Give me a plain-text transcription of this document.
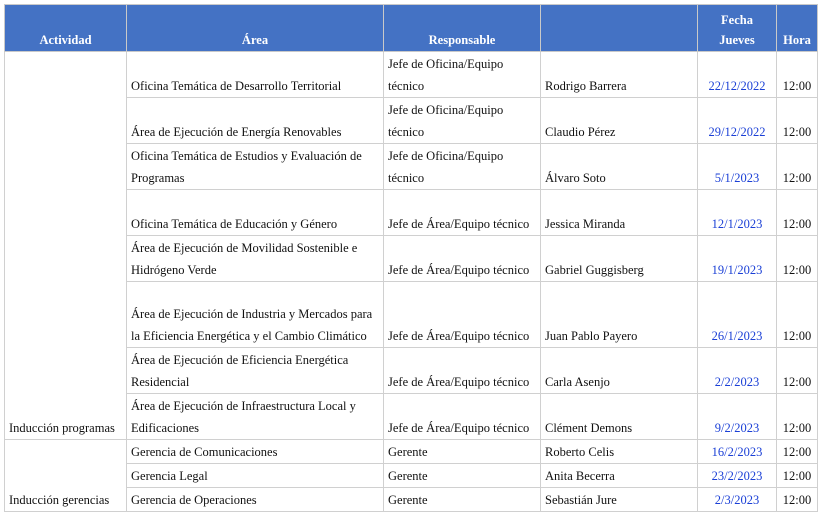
Actividad	Área	Responsable		Fecha Jueves	Hora
Inducción programas	Oficina Temática de Desarrollo Territorial	Jefe de Oficina/Equipo técnico	Rodrigo Barrera	22/12/2022	12:00
	Área de Ejecución de Energía Renovables	Jefe de Oficina/Equipo técnico	Claudio Pérez	29/12/2022	12:00
	Oficina Temática de Estudios y Evaluación de Programas	Jefe de Oficina/Equipo técnico	Álvaro Soto	5/1/2023	12:00
	Oficina Temática de Educación y Género	Jefe de Área/Equipo técnico	Jessica Miranda	12/1/2023	12:00
	Área de Ejecución de Movilidad Sostenible e Hidrógeno Verde	Jefe de Área/Equipo técnico	Gabriel Guggisberg	19/1/2023	12:00
	Área de Ejecución de Industria y Mercados para la Eficiencia Energética y el Cambio Climático	Jefe de Área/Equipo técnico	Juan Pablo Payero	26/1/2023	12:00
	Área de Ejecución de Eficiencia Energética Residencial	Jefe de Área/Equipo técnico	Carla Asenjo	2/2/2023	12:00
	Área de Ejecución de Infraestructura Local y Edificaciones	Jefe de Área/Equipo técnico	Clément Demons	9/2/2023	12:00
Inducción gerencias	Gerencia de Comunicaciones	Gerente	Roberto Celis	16/2/2023	12:00
	Gerencia Legal	Gerente	Anita Becerra	23/2/2023	12:00
	Gerencia de Operaciones	Gerente	Sebastián Jure	2/3/2023	12:00
